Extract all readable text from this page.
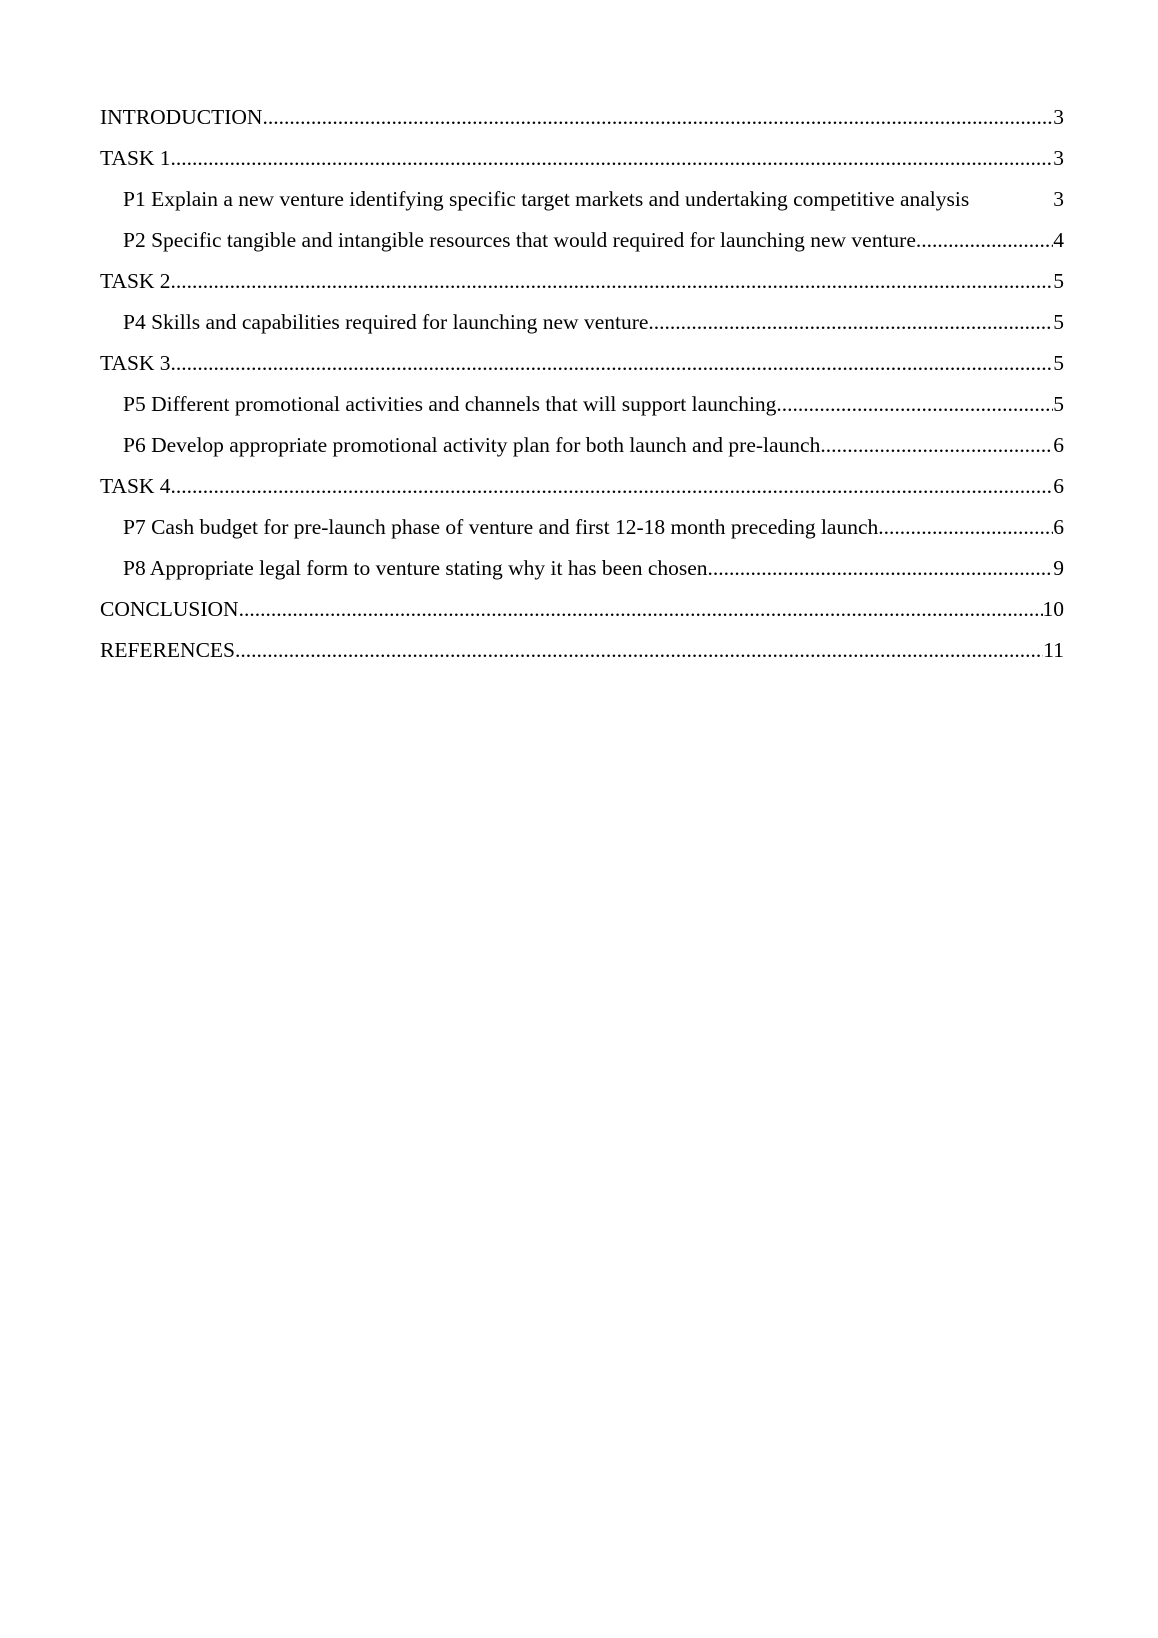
INTRODUCTION .....	3
TASK 1 .....	3
P1 Explain a new venture identifying specific target markets and undertaking competitive analysis	3
P2 Specific tangible and intangible resources that would required for launching new venture .....	4
TASK 2 .....	5
P4 Skills and capabilities required for launching new venture .....	5
TASK 3 .....	5
P5 Different promotional activities and channels that will support launching .....	5
P6 Develop appropriate promotional activity plan for both launch and pre-launch .....	6
TASK 4 .....	6
P7 Cash budget for pre-launch phase of venture and first 12-18 month preceding launch .....	6
P8 Appropriate legal form to venture stating why it has been chosen .....	9
CONCLUSION .....	10
REFERENCES .....	11
